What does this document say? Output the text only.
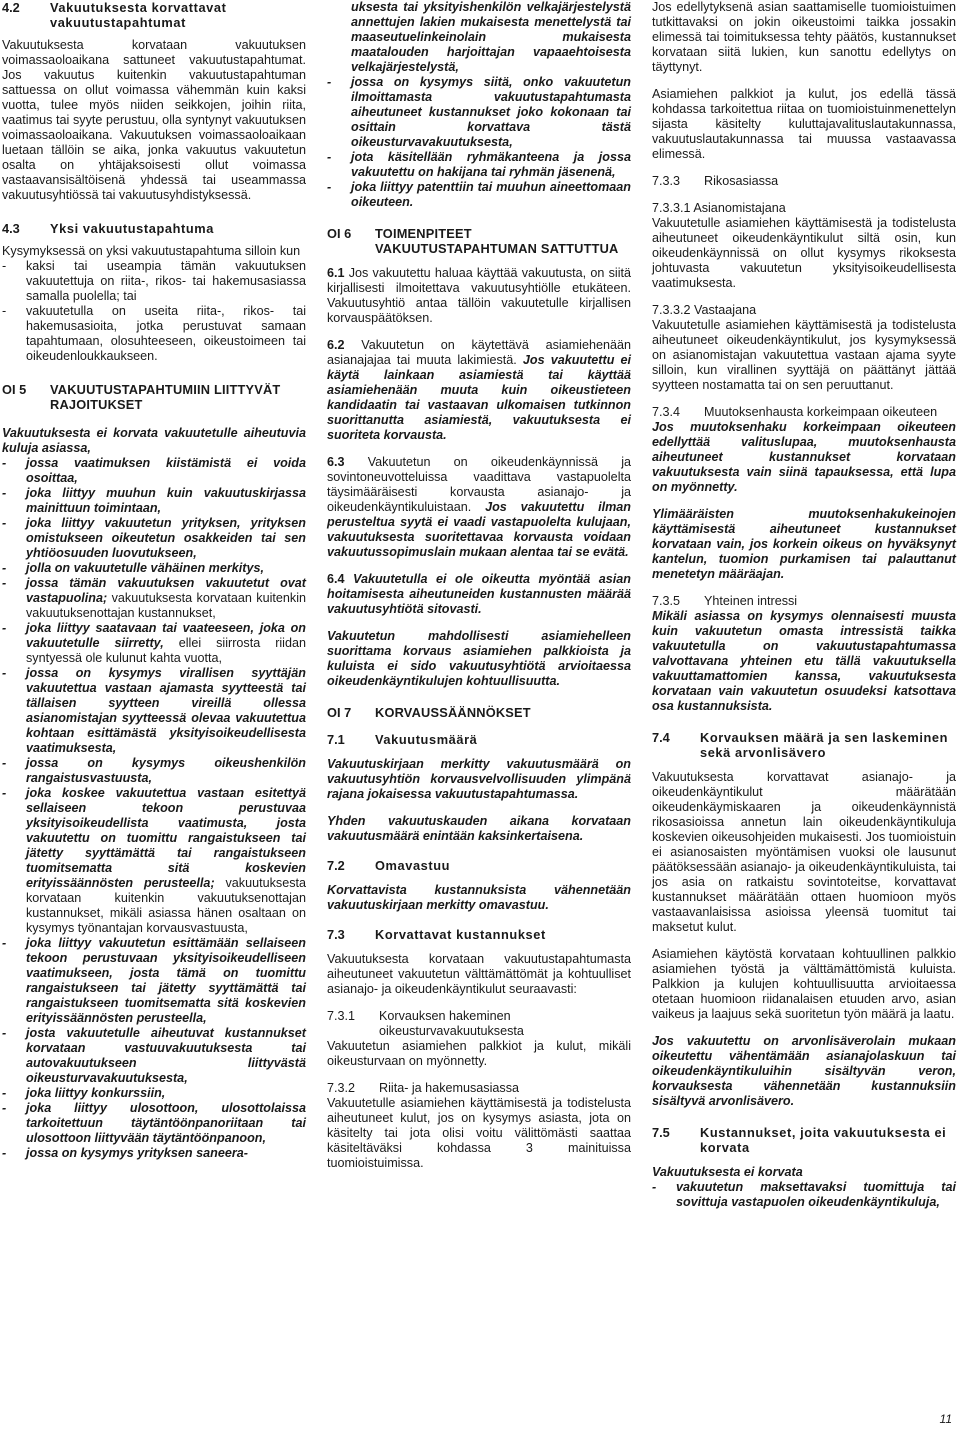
4.2	Vakuutuksesta korvattavat vakuutustapahtumat

Vakuutuksesta korvataan vakuutuksen voimassaoloaikana sattuneet vakuutustapahtumat. Jos vakuutus kuitenkin vakuutustapahtuman sattuessa on ollut voimassa vähemmän kuin kaksi vuotta, tulee myös niiden seikkojen, joihin riita, vaatimus tai syyte perustuu, olla syntynyt vakuutuksen voimassaoloaikana. Vakuutuksen voimassaoloaikaan luetaan tällöin se aika, jonka vakuutus vakuutetun osalta on yhtäjaksoisesti ollut voimassa vastaavansisältöisenä yhdessä tai useammassa vakuutusyhtiössä tai vakuutusyhdistyksessä.

4.3	Yksi vakuutustapahtuma

Kysymyksessä on yksi vakuutustapahtuma silloin kun

- kaksi tai useampia tämän vakuutuksen vakuutettuja on riita-, rikos- tai hakemusasiassa samalla puolella; tai
- vakuutetulla on useita riita-, rikos- tai hakemusasioita, jotka perustuvat samaan tapahtumaan, olosuhteeseen, oikeustoimeen tai oikeudenloukkaukseen.
OI 5	VAKUUTUSTAPAHTUMIIN LIITTYVÄT RAJOITUKSET

Vakuutuksesta ei korvata vakuutetulle aiheutuvia kuluja asiassa,

- jossa vaatimuksen kiistämistä ei voida osoittaa,
- joka liittyy muuhun kuin vakuutuskirjassa mainittuun toimintaan,
- joka liittyy vakuutetun yrityksen, yrityksen omistukseen oikeutetun osakkeiden tai sen yhtiöosuuden luovutukseen,
- jolla on vakuutetulle vähäinen merkitys,
- jossa tämän vakuutuksen vakuutetut ovat vastapuolina; vakuutuksesta korvataan kuitenkin vakuutuksenottajan kustannukset,
- joka liittyy saatavaan tai vaateeseen, joka on vakuutetulle siirretty, ellei siirrosta riidan syntyessä ole kulunut kahta vuotta,
- jossa on kysymys virallisen syyttäjän vakuutettua vastaan ajamasta syytteestä tai tällaisen syytteen vireillä ollessa asianomistajan syytteessä olevaa vakuutettua kohtaan esittämästä yksityisoikeudellisesta vaatimuksesta,
- jossa on kysymys oikeushenkilön rangaistusvastuusta,
- joka koskee vakuutettua vastaan esitettyä sellaiseen tekoon perustuvaa yksityisoikeudellista vaatimusta, josta vakuutettu on tuomittu rangaistukseen tai jätetty syyttämättä tai rangaistukseen tuomitsematta sitä koskevien erityissäännösten perusteella; vakuutuksesta korvataan kuitenkin vakuutuksenottajan kustannukset, mikäli asiassa hänen osaltaan on kysymys työnantajan korvausvastuusta,
- joka liittyy vakuutetun esittämään sellaiseen tekoon perustuvaan yksityisoikeudelliseen vaatimukseen, josta tämä on tuomittu rangaistukseen tai jätetty syyttämättä tai rangaistukseen tuomitsematta sitä koskevien erityissäännösten perusteella,
- josta vakuutetulle aiheutuvat kustannukset korvataan vastuuvakuutuksesta tai autovakuutukseen liittyvästä oikeusturvavakuutuksesta,
- joka liittyy konkurssiin,
- joka liittyy ulosottoon, ulosottolaissa tarkoitettuun täytäntöönpanoriitaan tai ulosottoon liittyvään täytäntöönpanoon,
- jossa on kysymys yrityksen saneera-

uksesta tai yksityishenkilön velkajärjestelystä annettujen lakien mukaisesta menettelystä tai maaseutuelinkeinolain mukaisesta maatalouden harjoittajan vapaaehtoisesta velkajärjestelystä,

- jossa on kysymys siitä, onko vakuutetun ilmoittamasta vakuutustapahtumasta aiheutuneet kustannukset joko kokonaan tai osittain korvattava tästä oikeusturvavakuutuksesta,
- jota käsitellään ryhmäkanteena ja jossa vakuutettu on hakijana tai ryhmän jäsenenä,
- joka liittyy patenttiin tai muuhun aineettomaan oikeuteen.
OI 6	TOIMENPITEET VAKUUTUSTAPAHTUMAN SATTUTTUA

6.1 Jos vakuutettu haluaa käyttää vakuutusta, on siitä kirjallisesti ilmoitettava vakuutusyhtiölle etukäteen. Vakuutusyhtiö antaa tällöin vakuutetulle kirjallisen korvauspäätöksen.

6.2 Vakuutetun on käytettävä asiamiehenään asianajajaa tai muuta lakimiestä. Jos vakuutettu ei käytä lainkaan asiamiestä tai käyttää asiamiehenään muuta kuin oikeustieteen kandidaatin tai vastaavan ulkomaisen tutkinnon suorittanutta asiamiestä, vakuutuksesta ei suoriteta korvausta.

6.3 Vakuutetun on oikeudenkäynnissä ja sovintoneuvotteluissa vaadittava vastapuolelta täysimääräisesti korvausta asianajo- ja oikeudenkäyntikuluistaan. Jos vakuutettu ilman perusteltua syytä ei vaadi vastapuolelta kulujaan, vakuutuksesta suoritettavaa korvausta voidaan vakuutussopimuslain mukaan alentaa tai se evätä.

6.4 Vakuutetulla ei ole oikeutta myöntää asian hoitamisesta aiheutuneiden kustannusten määrää vakuutusyhtiötä sitovasti.

Vakuutetun mahdollisesti asiamiehelleen suorittama korvaus asiamiehen palkkioista ja kuluista ei sido vakuutusyhtiötä arvioitaessa oikeudenkäyntikulujen kohtuullisuutta.

OI 7	KORVAUSSÄÄNNÖKSET
7.1	Vakuutusmäärä

Vakuutuskirjaan merkitty vakuutusmäärä on vakuutusyhtiön korvausvelvollisuuden ylimpänä rajana jokaisessa vakuutustapahtumassa.

Yhden vakuutuskauden aikana korvataan vakuutusmäärä enintään kaksinkertaisena.

7.2	Omavastuu

Korvattavista kustannuksista vähennetään vakuutuskirjaan merkitty omavastuu.

7.3	Korvattavat kustannukset

Vakuutuksesta korvataan vakuutustapahtumasta aiheutuneet vakuutetun välttämättömät ja kohtuulliset asianajo- ja oikeudenkäyntikulut seuraavasti:

7.3.1	Korvauksen hakeminen oikeusturvavakuutuksesta

Vakuutetun asiamiehen palkkiot ja kulut, mikäli oikeusturvaan on myönnetty.

7.3.2	Riita- ja hakemusasiassa

Vakuutetulle asiamiehen käyttämisestä ja todistelusta aiheutuneet kulut, jos on kysymys asiasta, jota on käsitelty tai jota olisi voitu välittömästi saattaa käsiteltäväksi kohdassa 3 mainituissa tuomioistuimissa.

Jos edellytyksenä asian saattamiselle tuomioistuimen tutkittavaksi on jokin oikeustoimi taikka jossakin elimessä tai toimituksessa tehty päätös, kustannukset korvataan siitä lukien, kun sanottu edellytys on täyttynyt.

Asiamiehen palkkiot ja kulut, jos edellä tässä kohdassa tarkoitettua riitaa on tuomioistuinmenettelyn sijasta käsitelty kuluttajavalituslautakunnassa, vakuutuslautakunnassa tai muussa vastaavassa elimessä.

7.3.3	Rikosasiassa
7.3.3.1 Asianomistajana

Vakuutetulle asiamiehen käyttämisestä ja todistelusta aiheutuneet oikeudenkäyntikulut siltä osin, kun oikeudenkäynnissä on ollut kysymys rikoksesta johtuvasta vakuutetun yksityisoikeudellisesta vaatimuksesta.

7.3.3.2 Vastaajana

Vakuutetulle asiamiehen käyttämisestä ja todistelusta aiheutuneet oikeudenkäyntikulut, jos kysymyksessä on asianomistajan vakuutettua vastaan ajama syyte silloin, kun virallinen syyttäjä on päättänyt jättää syytteen nostamatta tai on sen peruuttanut.

7.3.4	Muutoksenhausta korkeimpaan oikeuteen

Jos muutoksenhaku korkeimpaan oikeuteen edellyttää valituslupaa, muutoksenhausta aiheutuneet kustannukset korvataan vakuutuksesta vain siinä tapauksessa, että lupa on myönnetty.

Ylimääräisten muutoksenhakukeinojen käyttämisestä aiheutuneet kustannukset korvataan vain, jos korkein oikeus on hyväksynyt kantelun, tuomion purkamisen tai palauttanut menetetyn määräajan.

7.3.5	Yhteinen intressi

Mikäli asiassa on kysymys olennaisesti muusta kuin vakuutetun omasta intressistä taikka vakuutetulla on vakuutustapahtumassa valvottavana yhteinen etu tällä vakuutuksella vakuuttamattomien kanssa, vakuutuksesta korvataan vain vakuutetun osuudeksi katsottava osa kustannuksista.

7.4	Korvauksen määrä ja sen laskeminen sekä arvonlisävero

Vakuutuksesta korvattavat asianajo- ja oikeudenkäyntikulut määrätään oikeudenkäymiskaaren ja oikeudenkäynnistä rikosasioissa annetun lain oikeudenkäyntikuluja koskevien oikeusohjeiden mukaisesti. Jos tuomioistuin ei asianosaisten myöntämisen vuoksi ole lausunut päätöksessään asianajo- ja oikeudenkäyntikuluista, tai jos asia on ratkaistu sovintoteitse, korvattavat kustannukset määrätään ottaen huomioon myös vastaavanlaisissa asioissa yleensä tuomitut tai maksetut kulut.

Asiamiehen käytöstä korvataan kohtuullinen palkkio asiamiehen työstä ja välttämättömistä kuluista. Palkkion ja kulujen kohtuullisuutta arvioitaessa otetaan huomioon riidanalaisen etuuden arvo, asian vaikeus ja laajuus sekä suoritetun työn määrä ja laatu.

Jos vakuutettu on arvonlisäverolain mukaan oikeutettu vähentämään asianajolaskuun tai oikeudenkäyntikuluihin sisältyvän veron, korvauksesta vähennetään kustannuksiin sisältyvä arvonlisävero.

7.5	Kustannukset, joita vakuutuksesta ei korvata

Vakuutuksesta ei korvata

- vakuutetun maksettavaksi tuomittuja tai sovittuja vastapuolen oikeudenkäyntikuluja,
11
